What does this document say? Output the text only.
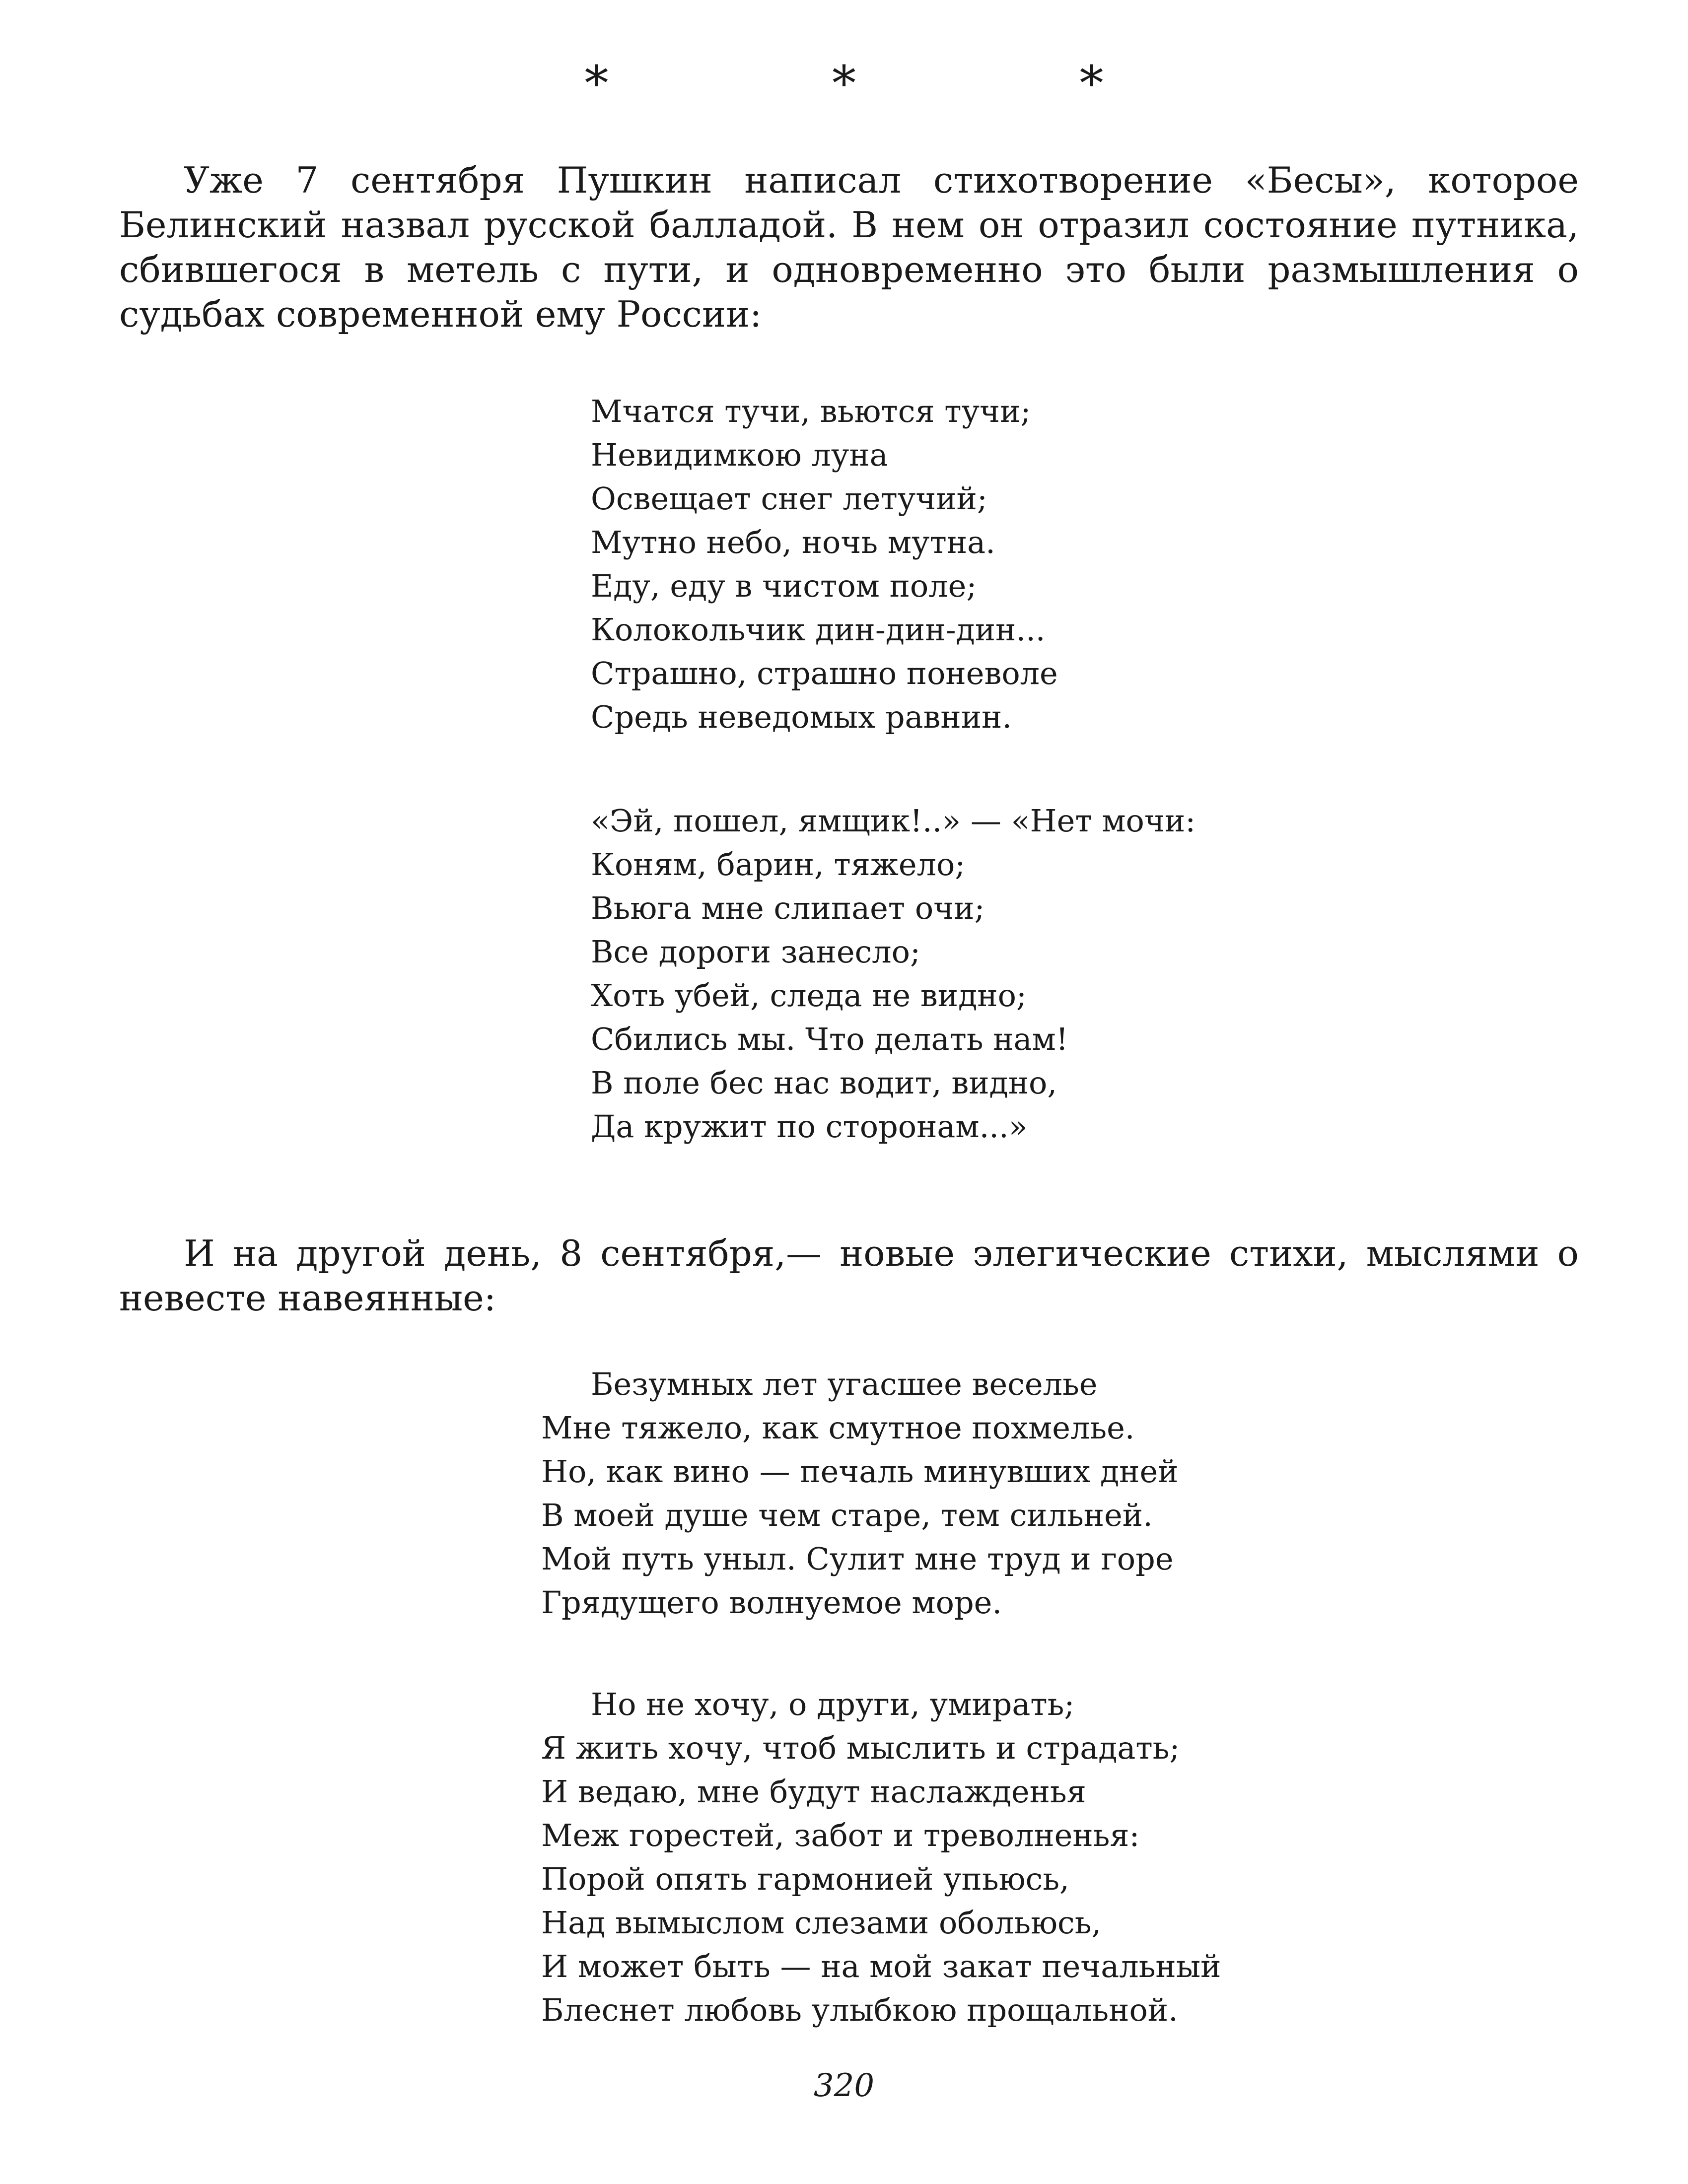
* * *

Уже 7 сентября Пушкин написал стихотворение «Бесы», которое Белинский назвал русской балладой. В нем он отразил состояние путника, сбившегося в метель с пути, и одновременно это были размышления о судьбах современной ему России:

Мчатся тучи, вьются тучи;
Невидимкою луна
Освещает снег летучий;
Мутно небо, ночь мутна.
Еду, еду в чистом поле;
Колокольчик дин-дин-дин...
Страшно, страшно поневоле
Средь неведомых равнин.
«Эй, пошел, ямщик!..» — «Нет мочи:
Коням, барин, тяжело;
Вьюга мне слипает очи;
Все дороги занесло;
Хоть убей, следа не видно;
Сбились мы. Что делать нам!
В поле бес нас водит, видно,
Да кружит по сторонам...»

И на другой день, 8 сентября,— новые элегические стихи, мыслями о невесте навеянные:

Безумных лет угасшее веселье
Мне тяжело, как смутное похмелье.
Но, как вино — печаль минувших дней
В моей душе чем старе, тем сильней.
Мой путь уныл. Сулит мне труд и горе
Грядущего волнуемое море.
Но не хочу, о други, умирать;
Я жить хочу, чтоб мыслить и страдать;
И ведаю, мне будут наслажденья
Меж горестей, забот и треволненья:
Порой опять гармонией упьюсь,
Над вымыслом слезами обольюсь,
И может быть — на мой закат печальный
Блеснет любовь улыбкою прощальной.
320
